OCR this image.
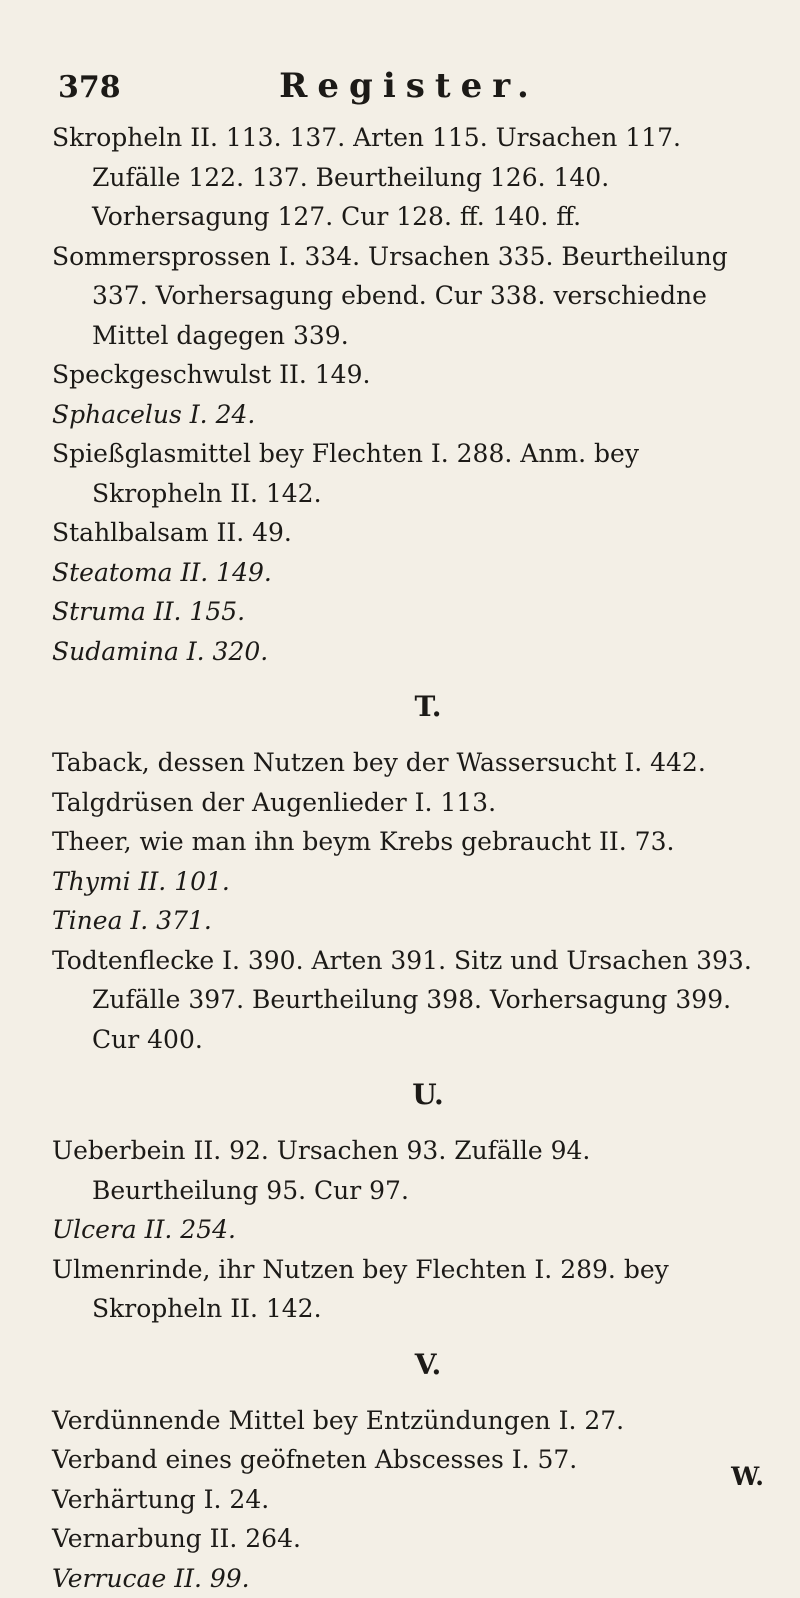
378	Register.

Skropheln II. 113. 137. Arten 115. Ursachen 117. Zufälle 122. 137. Beurtheilung 126. 140. Vorhersagung 127. Cur 128. ff. 140. ff.

Sommersprossen I. 334. Ursachen 335. Beurtheilung 337. Vorhersagung ebend. Cur 338. verschiedne Mittel dagegen 339.

Speckgeschwulst II. 149.

Sphacelus I. 24.

Spießglasmittel bey Flechten I. 288. Anm. bey Skropheln II. 142.

Stahlbalsam II. 49.

Steatoma II. 149.

Struma II. 155.

Sudamina I. 320.

T.

Taback, dessen Nutzen bey der Wassersucht I. 442.

Talgdrüsen der Augenlieder I. 113.

Theer, wie man ihn beym Krebs gebraucht II. 73.

Thymi II. 101.

Tinea I. 371.

Todtenflecke I. 390. Arten 391. Sitz und Ursachen 393. Zufälle 397. Beurtheilung 398. Vorhersagung 399. Cur 400.

U.

Ueberbein II. 92. Ursachen 93. Zufälle 94. Beurtheilung 95. Cur 97.

Ulcera II. 254.

Ulmenrinde, ihr Nutzen bey Flechten I. 289. bey Skropheln II. 142.

V.

Verdünnende Mittel bey Entzündungen I. 27.

Verband eines geöfneten Abscesses I. 57.

Verhärtung I. 24.

Vernarbung II. 264.

Verrucae II. 99.

W.
